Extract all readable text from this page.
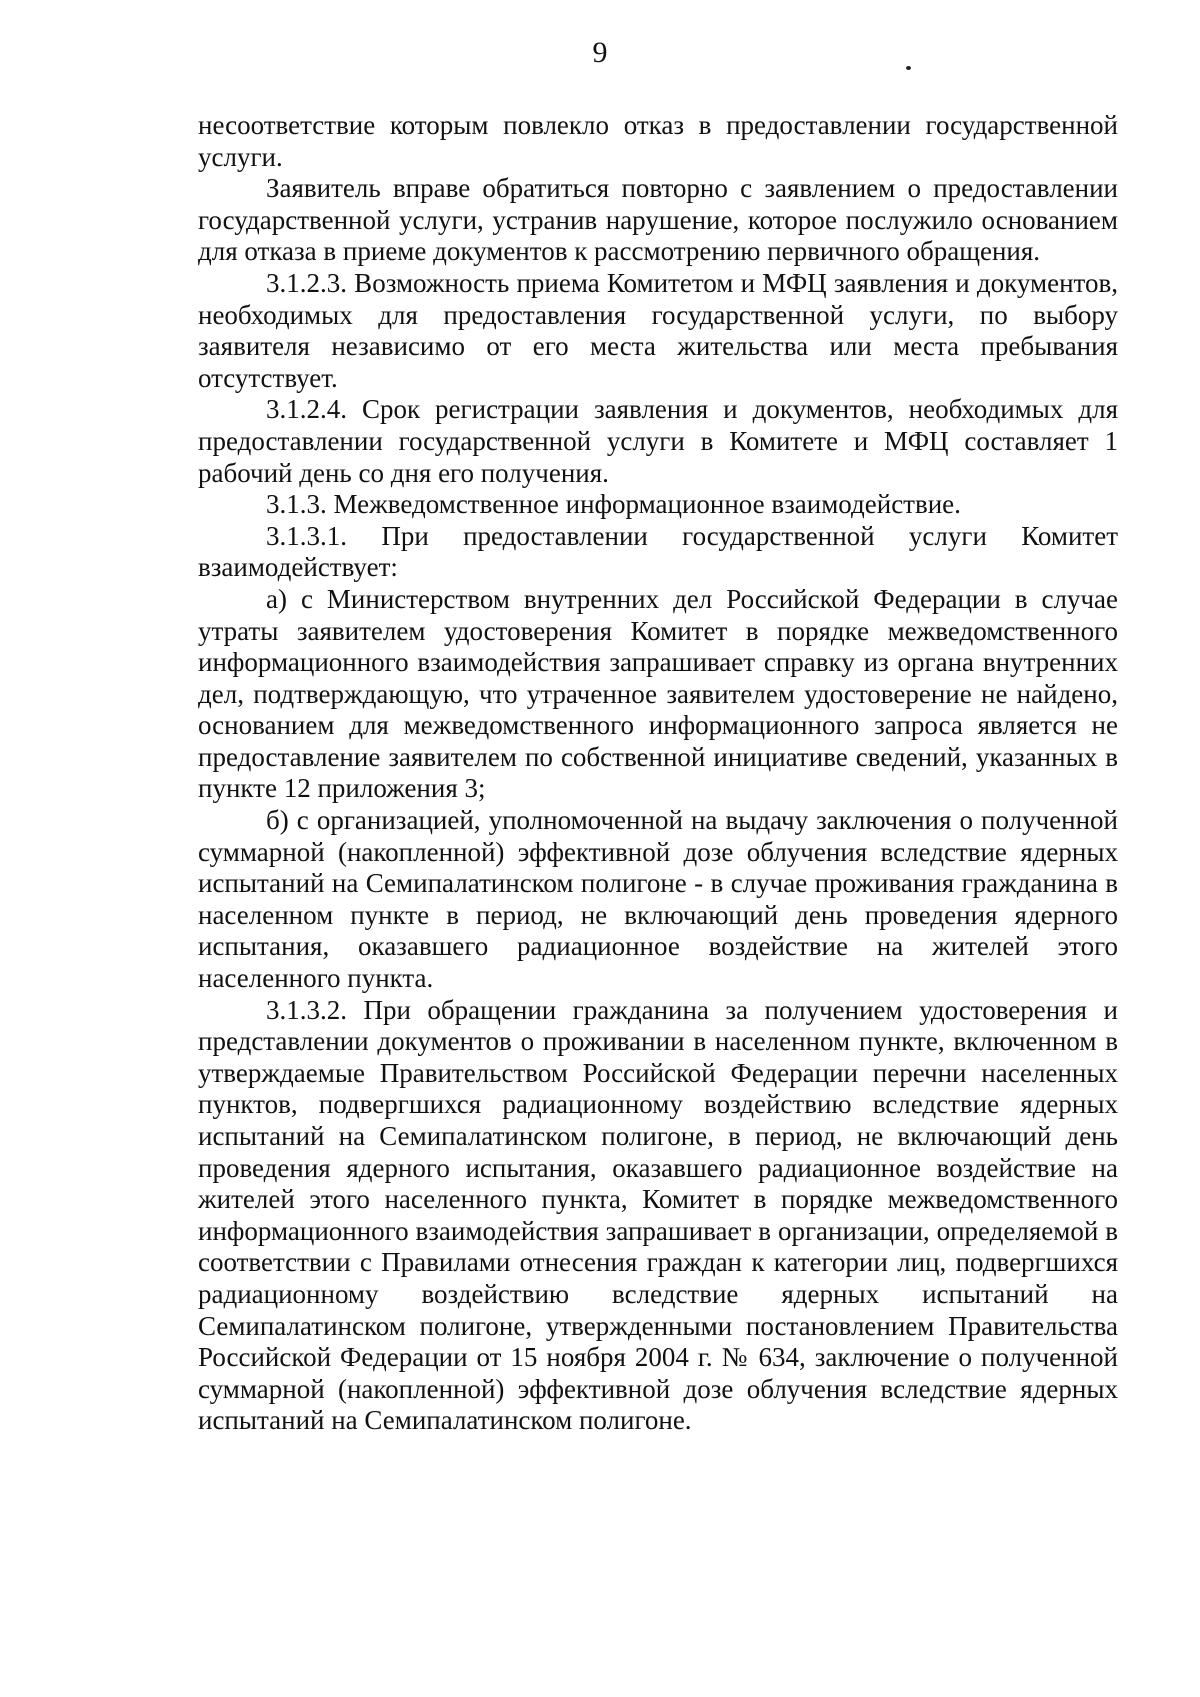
9

несоответствие которым повлекло отказ в предоставлении государственной услуги.

Заявитель вправе обратиться повторно с заявлением о предоставлении государственной услуги, устранив нарушение, которое послужило основанием для отказа в приеме документов к рассмотрению первичного обращения.

3.1.2.3. Возможность приема Комитетом и МФЦ заявления и документов, необходимых для предоставления государственной услуги, по выбору заявителя независимо от его места жительства или места пребывания отсутствует.

3.1.2.4. Срок регистрации заявления и документов, необходимых для предоставлении государственной услуги в Комитете и МФЦ составляет 1 рабочий день со дня его получения.

3.1.3. Межведомственное информационное взаимодействие.

3.1.3.1. При предоставлении государственной услуги Комитет взаимодействует:

а) с Министерством внутренних дел Российской Федерации в случае утраты заявителем удостоверения Комитет в порядке межведомственного информационного взаимодействия запрашивает справку из органа внутренних дел, подтверждающую, что утраченное заявителем удостоверение не найдено, основанием для межведомственного информационного запроса является не предоставление заявителем по собственной инициативе сведений, указанных в пункте 12 приложения 3;

б) с организацией, уполномоченной на выдачу заключения о полученной суммарной (накопленной) эффективной дозе облучения вследствие ядерных испытаний на Семипалатинском полигоне - в случае проживания гражданина в населенном пункте в период, не включающий день проведения ядерного испытания, оказавшего радиационное воздействие на жителей этого населенного пункта.

3.1.3.2. При обращении гражданина за получением удостоверения и представлении документов о проживании в населенном пункте, включенном в утверждаемые Правительством Российской Федерации перечни населенных пунктов, подвергшихся радиационному воздействию вследствие ядерных испытаний на Семипалатинском полигоне, в период, не включающий день проведения ядерного испытания, оказавшего радиационное воздействие на жителей этого населенного пункта, Комитет в порядке межведомственного информационного взаимодействия запрашивает в организации, определяемой в соответствии с Правилами отнесения граждан к категории лиц, подвергшихся радиационному воздействию вследствие ядерных испытаний на Семипалатинском полигоне, утвержденными постановлением Правительства Российской Федерации от 15 ноября 2004 г. № 634, заключение о полученной суммарной (накопленной) эффективной дозе облучения вследствие ядерных испытаний на Семипалатинском полигоне.
